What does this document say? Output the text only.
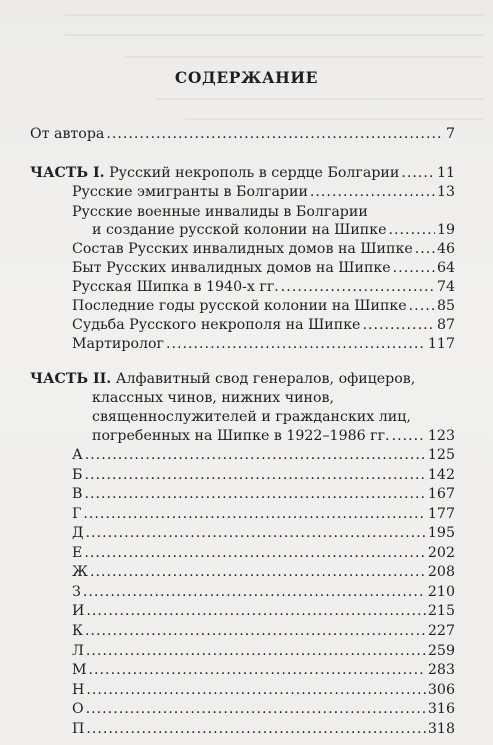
СОДЕРЖАНИЕ
От автора .....	7
ЧАСТЬ I. Русский некрополь в сердце Болгарии .....	11
Русские эмигранты в Болгарии .....	13
Русские военные инвалиды в Болгарии
и создание русской колонии на Шипке .....	19
Состав Русских инвалидных домов на Шипке ..... 46
Быт Русских инвалидных домов на Шипке .....	64
Русская Шипка в 1940-х гг. .....	74
Последние годы русской колонии на Шипке ..... 85
Судьба Русского некрополя на Шипке .....	87
Мартиролог .....	117
ЧАСТЬ II. Алфавитный свод генералов, офицеров,
классных чинов, нижних чинов,
священнослужителей и гражданских лиц,
погребенных на Шипке в 1922–1986 гг. .....	123
А .....	125
Б .....	142
В .....	167
Г .....	177
Д .....	195
Е .....	202
Ж .....	208
З .....	210
И .....	215
К .....	227
Л .....	259
М .....	283
Н .....	306
О .....	316
П .....	318
